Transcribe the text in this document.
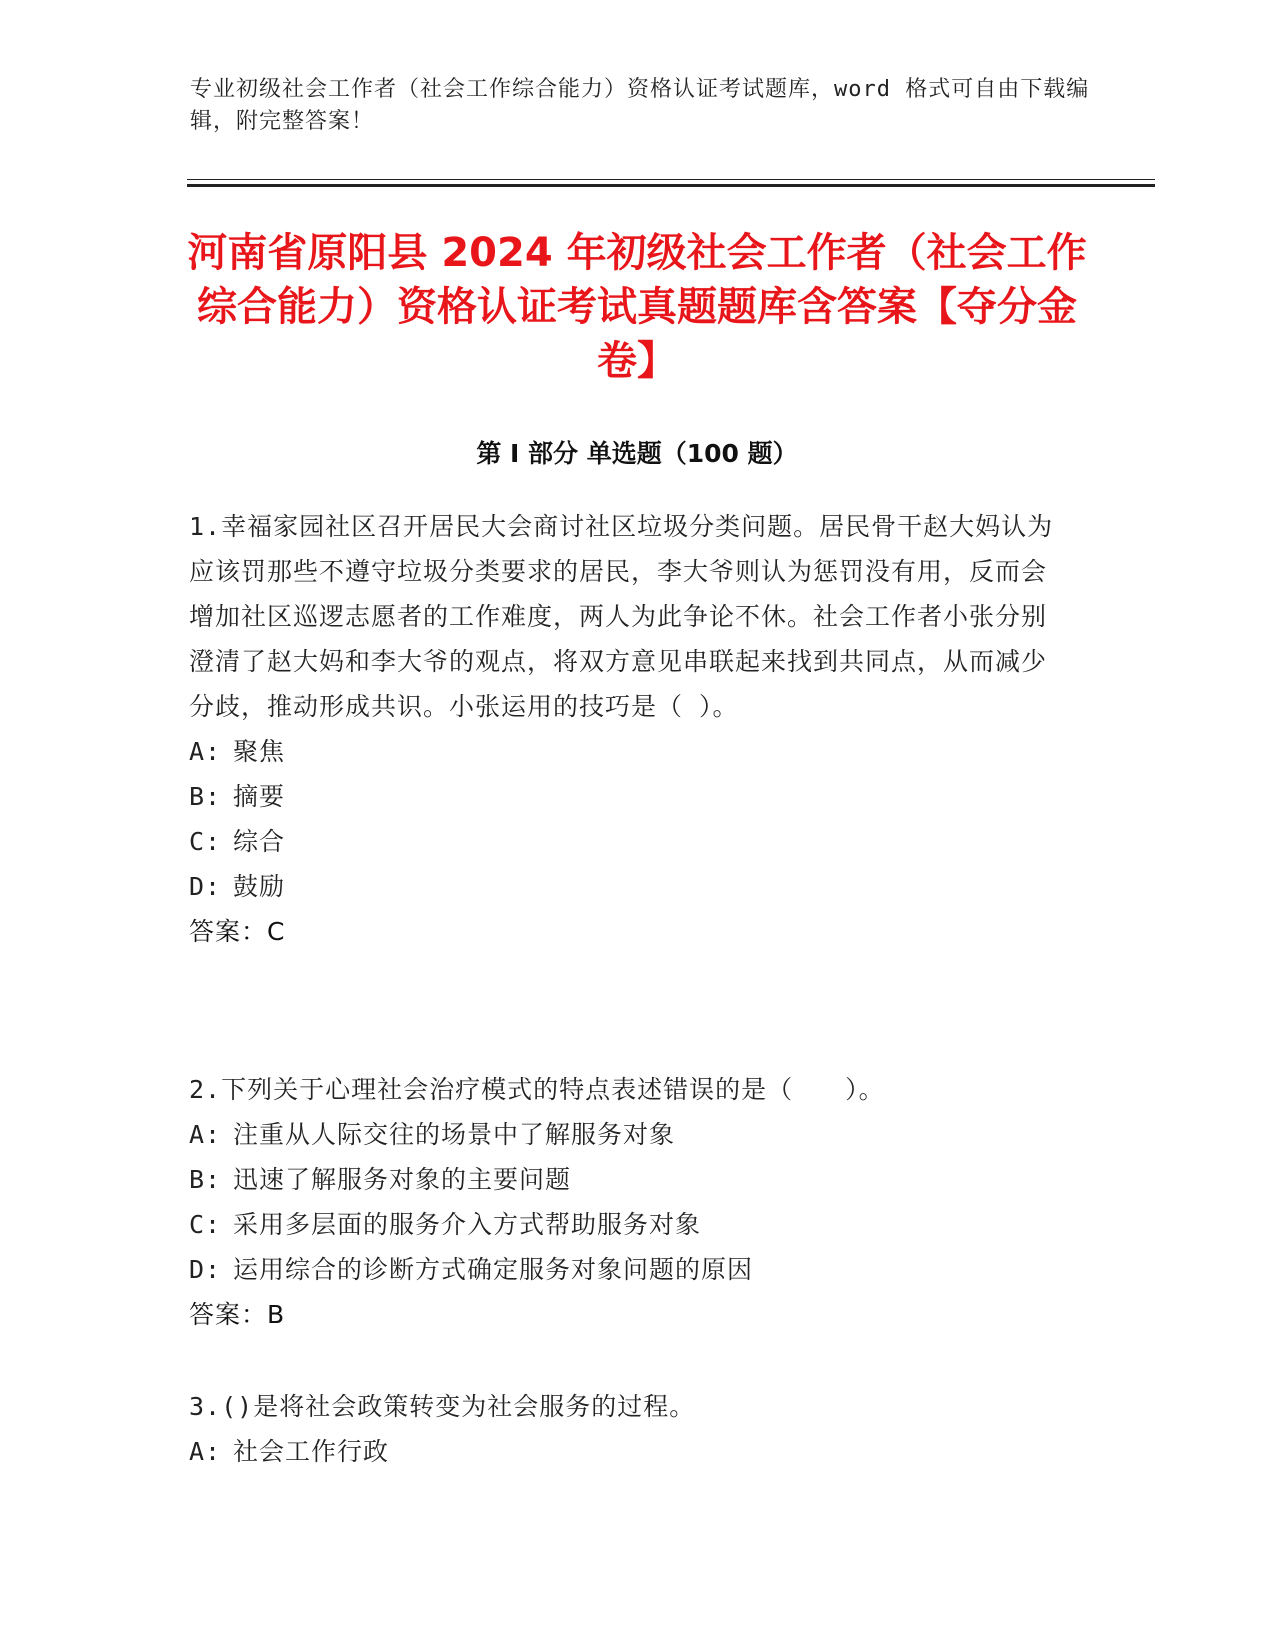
专业初级社会工作者（社会工作综合能力）资格认证考试题库，word 格式可自由下载编辑，附完整答案！
河南省原阳县 2024 年初级社会工作者（社会工作综合能力）资格认证考试真题题库含答案【夺分金卷】
第 I 部分 单选题（100 题）

1.幸福家园社区召开居民大会商讨社区垃圾分类问题。居民骨干赵大妈认为应该罚那些不遵守垃圾分类要求的居民，李大爷则认为惩罚没有用，反而会增加社区巡逻志愿者的工作难度，两人为此争论不休。社会工作者小张分别澄清了赵大妈和李大爷的观点，将双方意见串联起来找到共同点，从而减少分歧，推动形成共识。小张运用的技巧是（ ）。

A: 聚焦

B: 摘要

C: 综合

D: 鼓励

答案：C

2.下列关于心理社会治疗模式的特点表述错误的是（　　）。

A: 注重从人际交往的场景中了解服务对象

B: 迅速了解服务对象的主要问题

C: 采用多层面的服务介入方式帮助服务对象

D: 运用综合的诊断方式确定服务对象问题的原因

答案：B

3.()是将社会政策转变为社会服务的过程。

A: 社会工作行政
